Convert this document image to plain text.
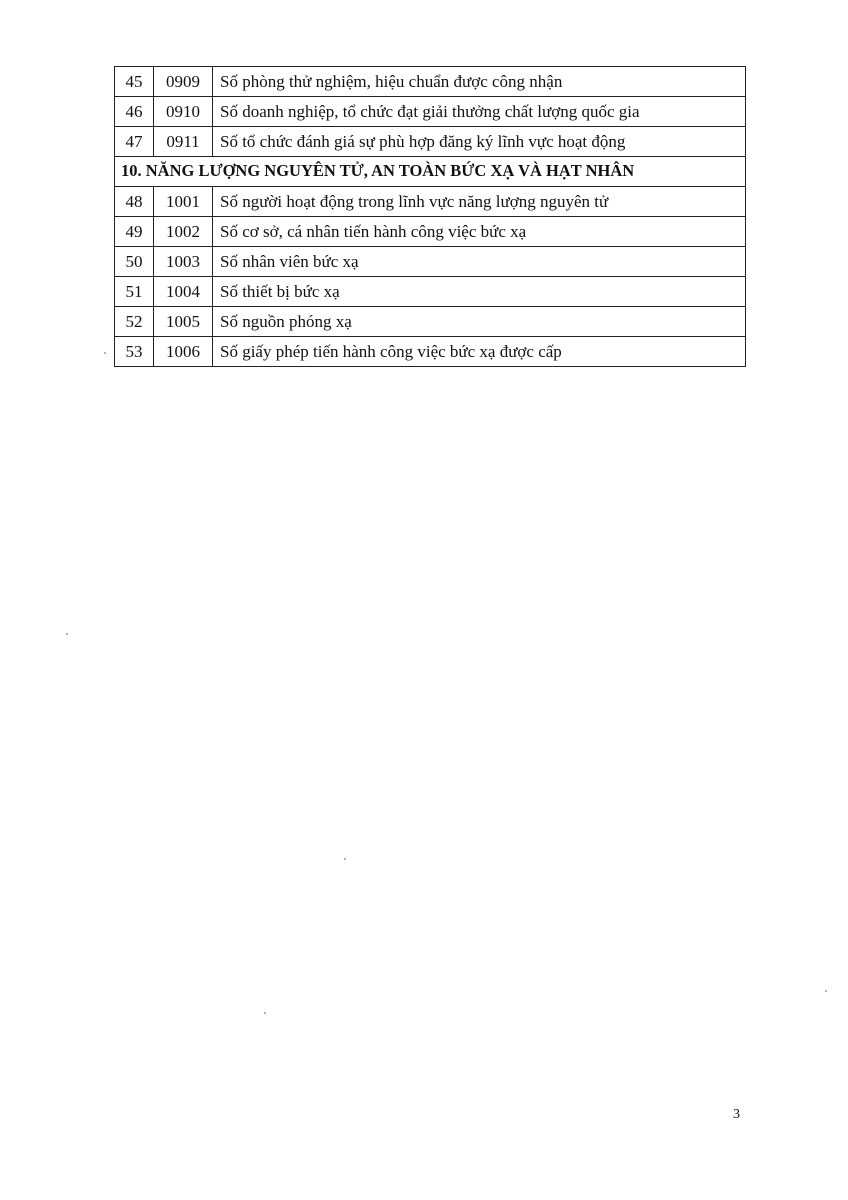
45	0909	Số phòng thử nghiệm, hiệu chuẩn được công nhận
46	0910	Số doanh nghiệp, tổ chức đạt giải thưởng chất lượng quốc gia
47	0911	Số tổ chức đánh giá sự phù hợp đăng ký lĩnh vực hoạt động
10. NĂNG LƯỢNG NGUYÊN TỬ, AN TOÀN BỨC XẠ VÀ HẠT NHÂN		
48	1001	Số người hoạt động trong lĩnh vực năng lượng nguyên tử
49	1002	Số cơ sở, cá nhân tiến hành công việc bức xạ
50	1003	Số nhân viên bức xạ
51	1004	Số thiết bị bức xạ
52	1005	Số nguồn phóng xạ
53	1006	Số giấy phép tiến hành công việc bức xạ được cấp
3
